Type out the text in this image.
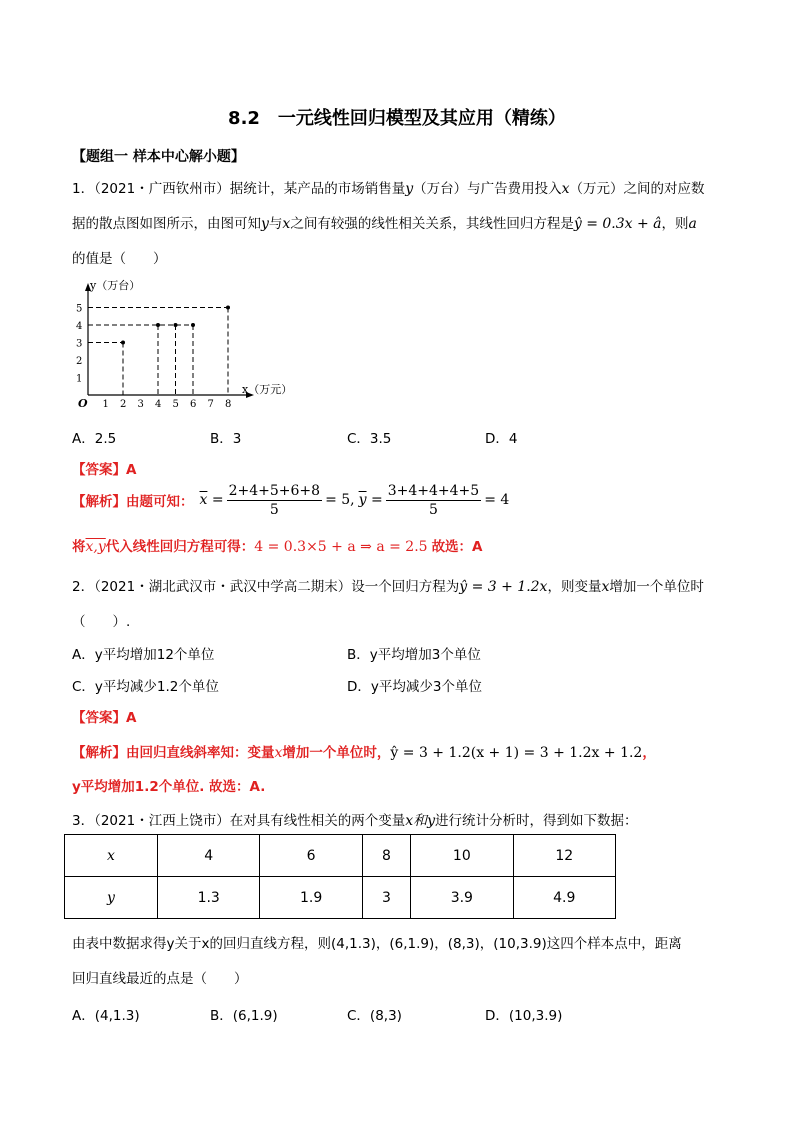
8.2　一元线性回归模型及其应用（精练）
【题组一 样本中心解小题】
1．（2021・广西钦州市）据统计，某产品的市场销售量y（万台）与广告费用投入x（万元）之间的对应数
据的散点图如图所示，由图可知y与x之间有较强的线性相关关系，其线性回归方程是ŷ = 0.3x + â，则a
的值是（　　）
y（万台）
x（万元）
O 1 2 3 4 5 6 7 8
1
2
3
4
5
A．2.5	B．3	C．3.5	D．4
【答案】A
【解析】 由题可知： $\overline{x} = \frac{2+4+5+6+8}{5} = 5$, $\overline{y} = \frac{3+4+4+4+5}{5} = 4$
将x,y代入线性回归方程可得：4 = 0.3×5 + a ⇒ a = 2.5 故选：A
2．（2021・湖北武汉市・武汉中学高二期末）设一个回归方程为ŷ = 3 + 1.2x，则变量x增加一个单位时
（　　）.
A．y平均增加12个单位	B．y平均增加3个单位
C．y平均减少1.2个单位	D．y平均减少3个单位
【答案】A
【解析】由回归直线斜率知：变量x增加一个单位时，ŷ = 3 + 1.2(x + 1) = 3 + 1.2x + 1.2，
y平均增加1.2个单位. 故选：A.
3．（2021・江西上饶市）在对具有线性相关的两个变量x和y进行统计分析时，得到如下数据：
x	4	6	8	10	12
y	1.3	1.9	3	3.9	4.9
由表中数据求得y关于x的回归直线方程，则(4,1.3)，(6,1.9)，(8,3)，(10,3.9)这四个样本点中，距离
回归直线最近的点是（　　）
A．(4,1.3)	B．(6,1.9)	C．(8,3)	D．(10,3.9)
